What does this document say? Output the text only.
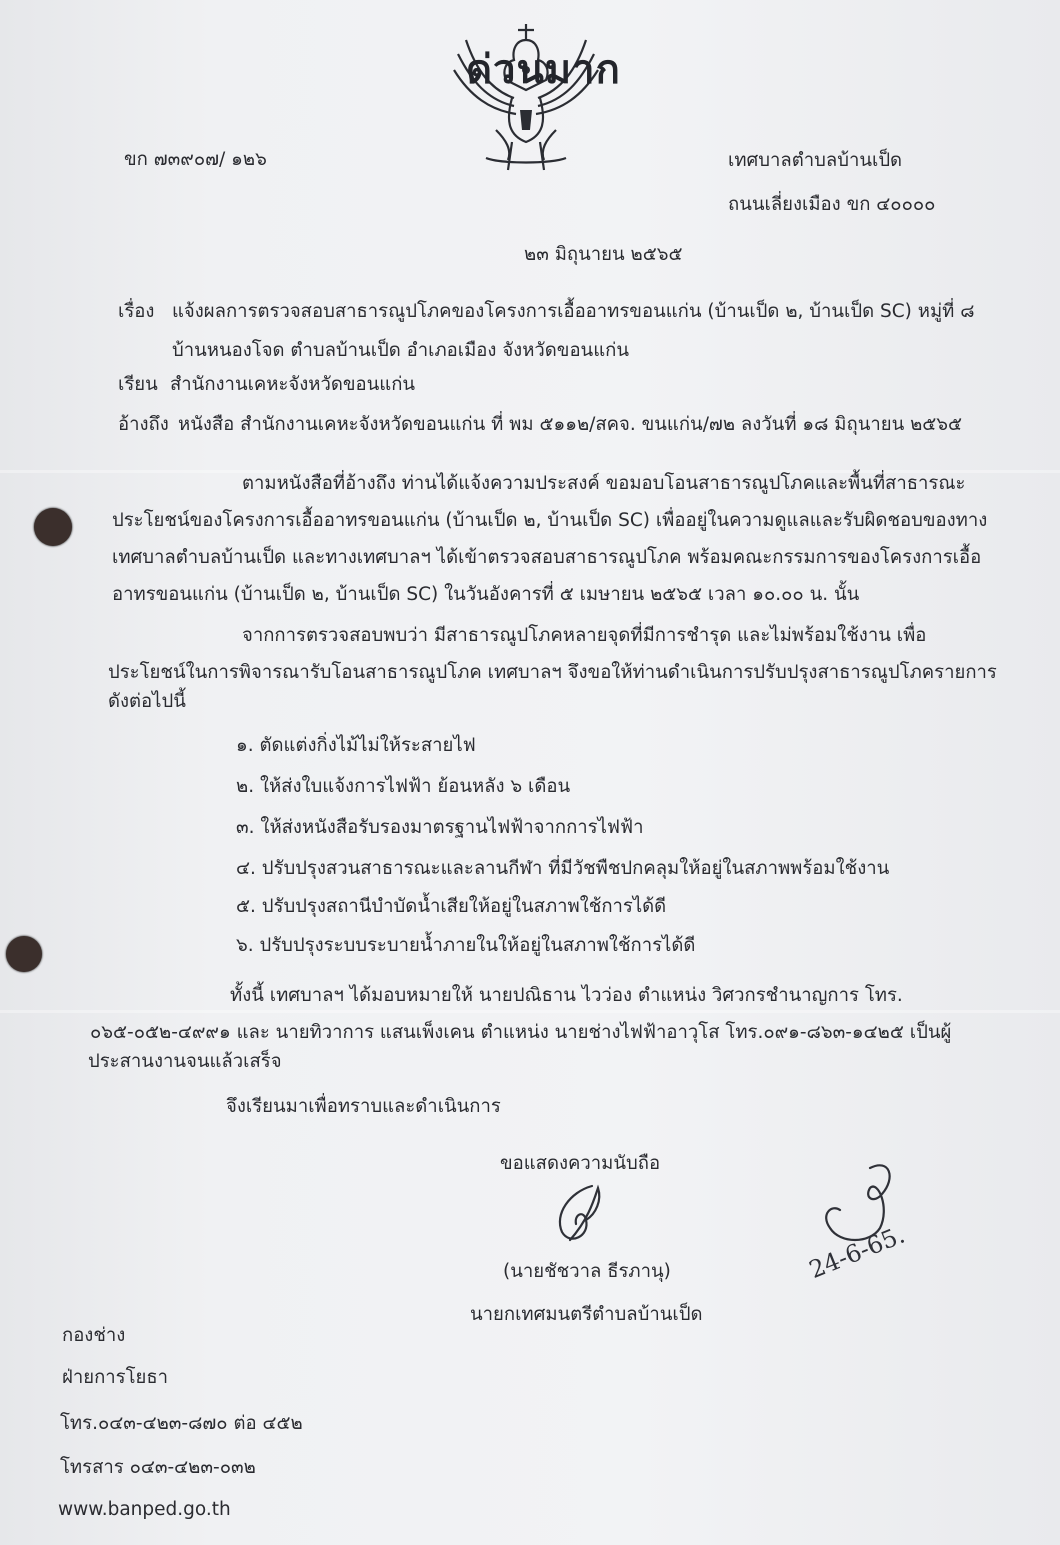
ด่วนมาก
ขก ๗๓๙๐๗/ ๑๒๖	เทศบาลตำบลบ้านเป็ด
ถนนเลี่ยงเมือง ขก ๔๐๐๐๐
๒๓ มิถุนายน ๒๕๖๕
เรื่อง แจ้งผลการตรวจสอบสาธารณูปโภคของโครงการเอื้ออาทรขอนแก่น (บ้านเป็ด ๒, บ้านเป็ด SC) หมู่ที่ ๘
บ้านหนองโจด ตำบลบ้านเป็ด อำเภอเมือง จังหวัดขอนแก่น
เรียน สำนักงานเคหะจังหวัดขอนแก่น
อ้างถึง หนังสือ สำนักงานเคหะจังหวัดขอนแก่น ที่ พม ๕๑๑๒/สคจ. ขนแก่น/๗๒ ลงวันที่ ๑๘ มิถุนายน ๒๕๖๕
ตามหนังสือที่อ้างถึง ท่านได้แจ้งความประสงค์ ขอมอบโอนสาธารณูปโภคและพื้นที่สาธารณะ
ประโยชน์ของโครงการเอื้ออาทรขอนแก่น (บ้านเป็ด ๒, บ้านเป็ด SC) เพื่ออยู่ในความดูแลและรับผิดชอบของทาง
เทศบาลตำบลบ้านเป็ด และทางเทศบาลฯ ได้เข้าตรวจสอบสาธารณูปโภค พร้อมคณะกรรมการของโครงการเอื้อ
อาทรขอนแก่น (บ้านเป็ด ๒, บ้านเป็ด SC) ในวันอังคารที่ ๕ เมษายน ๒๕๖๕ เวลา ๑๐.๐๐ น. นั้น
จากการตรวจสอบพบว่า มีสาธารณูปโภคหลายจุดที่มีการชำรุด และไม่พร้อมใช้งาน เพื่อ
ประโยชน์ในการพิจารณารับโอนสาธารณูปโภค เทศบาลฯ จึงขอให้ท่านดำเนินการปรับปรุงสาธารณูปโภครายการ
ดังต่อไปนี้
๑. ตัดแต่งกิ่งไม้ไม่ให้ระสายไฟ
๒. ให้ส่งใบแจ้งการไฟฟ้า ย้อนหลัง ๖ เดือน
๓. ให้ส่งหนังสือรับรองมาตรฐานไฟฟ้าจากการไฟฟ้า
๔. ปรับปรุงสวนสาธารณะและลานกีฬา ที่มีวัชพืชปกคลุมให้อยู่ในสภาพพร้อมใช้งาน
๕. ปรับปรุงสถานีบำบัดน้ำเสียให้อยู่ในสภาพใช้การได้ดี
๖. ปรับปรุงระบบระบายน้ำภายในให้อยู่ในสภาพใช้การได้ดี
ทั้งนี้ เทศบาลฯ ได้มอบหมายให้ นายปณิธาน ไวว่อง ตำแหน่ง วิศวกรชำนาญการ โทร.
๐๖๕-๐๕๒-๔๙๙๑ และ นายทิวาการ แสนเพ็งเคน ตำแหน่ง นายช่างไฟฟ้าอาวุโส โทร.๐๙๑-๘๖๓-๑๔๒๕ เป็นผู้
ประสานงานจนแล้วเสร็จ
จึงเรียนมาเพื่อทราบและดำเนินการ
ขอแสดงความนับถือ
(นายชัชวาล ธีรภานุ)
นายกเทศมนตรีตำบลบ้านเป็ด
24-6-65.
กองช่าง
ฝ่ายการโยธา
โทร.๐๔๓-๔๒๓-๘๗๐ ต่อ ๔๕๒
โทรสาร ๐๔๓-๔๒๓-๐๓๒
www.banped.go.th
